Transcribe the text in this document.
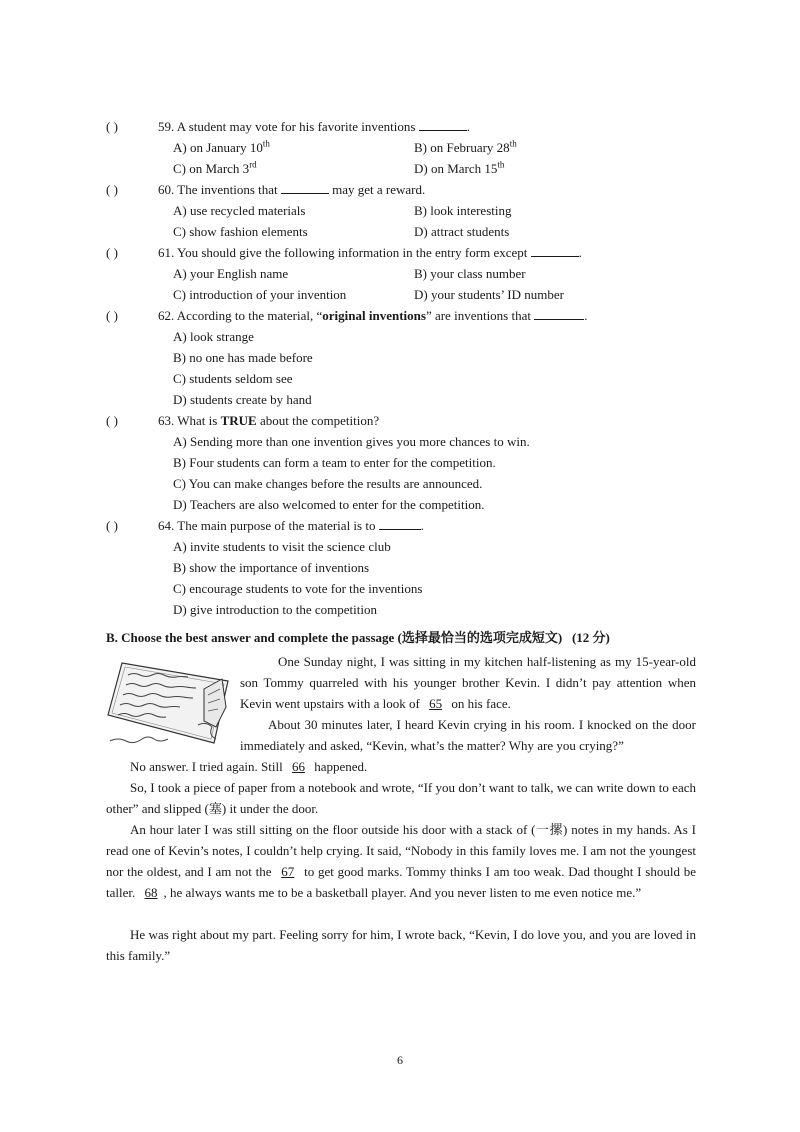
( )	59. A student may vote for his favorite inventions	.
A) on January 10th	B) on February 28th
C) on March 3rd	D) on March 15th
( )	60. The inventions that	may get a reward.
A) use recycled materials	B) look interesting
C) show fashion elements	D) attract students
( )	61. You should give the following information in the entry form except	.
A) your English name	B) your class number
C) introduction of your invention	D) your students’ ID number
( )	62. According to the material, “original inventions” are inventions that	.
A) look strange
B) no one has made before
C) students seldom see
D) students create by hand
( )	63. What is TRUE about the competition?
A) Sending more than one invention gives you more chances to win.
B) Four students can form a team to enter for the competition.
C) You can make changes before the results are announced.
D) Teachers are also welcomed to enter for the competition.
( )	64. The main purpose of the material is to	.
A) invite students to visit the science club
B) show the importance of inventions
C) encourage students to vote for the inventions
D) give introduction to the competition
B. Choose the best answer and complete the passage (选择最恰当的选项完成短文) (12 分)
One Sunday night, I was sitting in my kitchen half-listening as my 15-year-old son Tommy quarreled with his younger brother Kevin. I didn’t pay attention when Kevin went upstairs with a look of 65 on his face.
About 30 minutes later, I heard Kevin crying in his room. I knocked on the door immediately and asked, “Kevin, what’s the matter? Why are you crying?”
No answer. I tried again. Still 66 happened.
So, I took a piece of paper from a notebook and wrote, “If you don’t want to talk, we can write down to each other” and slipped (塞) it under the door.
An hour later I was still sitting on the floor outside his door with a stack of (一摞) notes in my hands. As I read one of Kevin’s notes, I couldn’t help crying. It said, “Nobody in this family loves me. I am not the youngest nor the oldest, and I am not the 67 to get good marks. Tommy thinks I am too weak. Dad thought I should be taller. 68 , he always wants me to be a basketball player. And you never listen to me even notice me.”
He was right about my part. Feeling sorry for him, I wrote back, “Kevin, I do love you, and you are loved in this family.”
6
